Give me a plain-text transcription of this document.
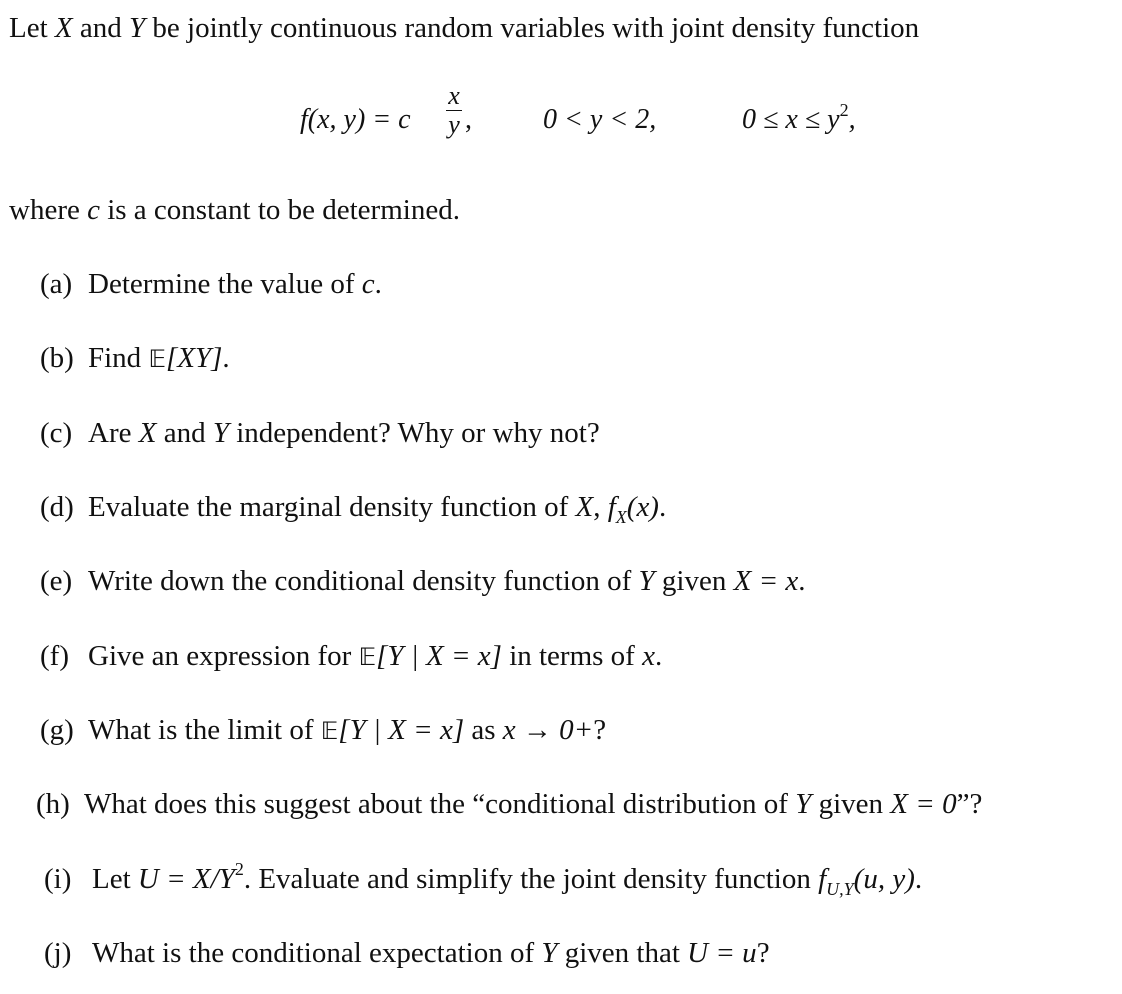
Let X and Y be jointly continuous random variables with joint density function
f(x, y) = c
x
y ,	0 < y < 2,	$0 \le x \le y^2$,
where c is a constant to be determined.
(a) Determine the value of c.
(b) Find 𝔼[XY].
(c) Are X and Y independent? Why or why not?
(d) Evaluate the marginal density function of X, $f_X(x)$.
(e) Write down the conditional density function of Y given X = x.
(f) Give an expression for 𝔼[Y | X = x] in terms of x.
(g) What is the limit of 𝔼[Y | X = x] as x → 0+?
(h) What does this suggest about the “conditional distribution of Y given X = 0”?
(i) Let $U = X/Y^2$. Evaluate and simplify the joint density function $f_{U,Y}(u$, y).
(j) What is the conditional expectation of Y given that U = u?
